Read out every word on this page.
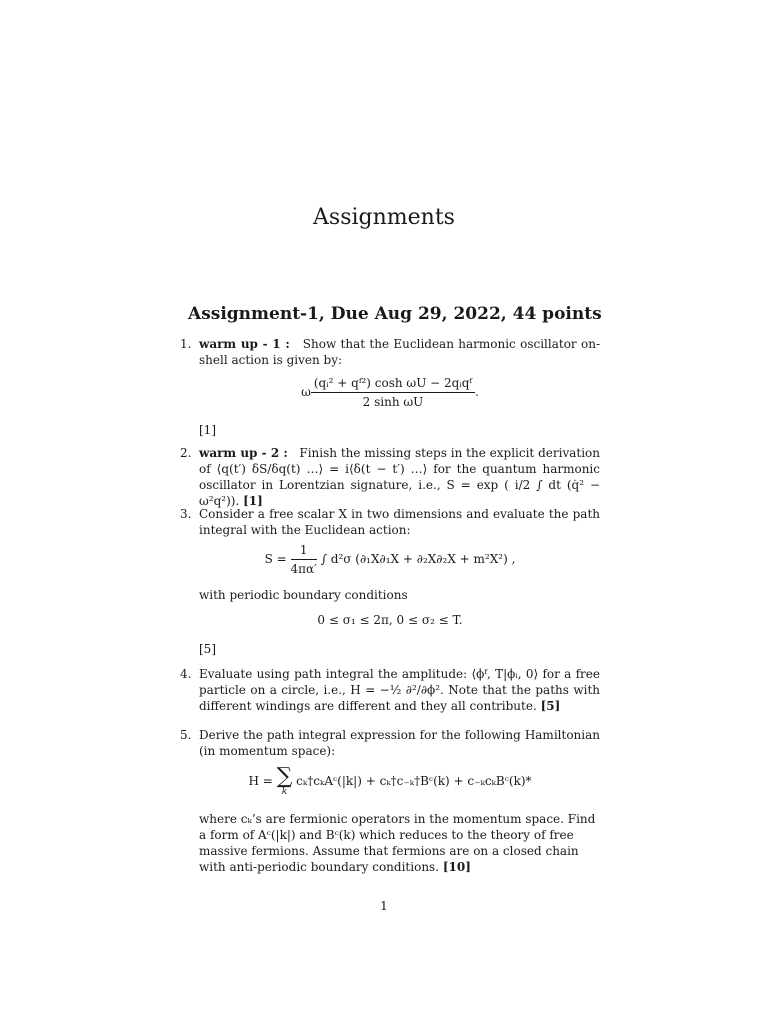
Assignments
Assignment-1, Due Aug 29, 2022, 44 points
1. warm up - 1 : Show that the Euclidean harmonic oscillator on-shell action is given by:
ω $\frac{\text{(qᵢ² + qᶠ²) cosh ωU − 2qᵢqᶠ}}{\text{2 sinh ωU}}$ .
[1]
2. warm up - 2 : Finish the missing steps in the explicit derivation of ⟨q(t′) δS/δq(t) …⟩ = i⟨δ(t − t′) …⟩ for the quantum harmonic oscillator in Lorentzian signature, i.e., S = exp ( i/2 ∫ dt (q̇² − ω²q²)). [1]
3. Consider a free scalar X in two dimensions and evaluate the path integral with the Euclidean action:
$S = \frac{1}{4\pi\alpha'}$ ∫ d²σ (∂₁X∂₁X + ∂₂X∂₂X + m²X²) ,
with periodic boundary conditions
0 ≤ σ₁ ≤ 2π, 0 ≤ σ₂ ≤ T.
[5]
4. Evaluate using path integral the amplitude: ⟨ϕᶠ, T|ϕᵢ, 0⟩ for a free particle on a circle, i.e., H = −½ ∂²/∂ϕ². Note that the paths with different windings are different and they all contribute. [5]
5. Derive the path integral expression for the following Hamiltonian (in momentum space):
H = ∑
k
cₖ†cₖAᶜ(|k|) + cₖ†c₋ₖ†Bᶜ(k) + c₋ₖcₖBᶜ(k)*
where cₖ’s are fermionic operators in the momentum space. Find a form of Aᶜ(|k|) and Bᶜ(k) which reduces to the theory of free massive fermions. Assume that fermions are on a closed chain with anti-periodic boundary conditions. [10]
1
